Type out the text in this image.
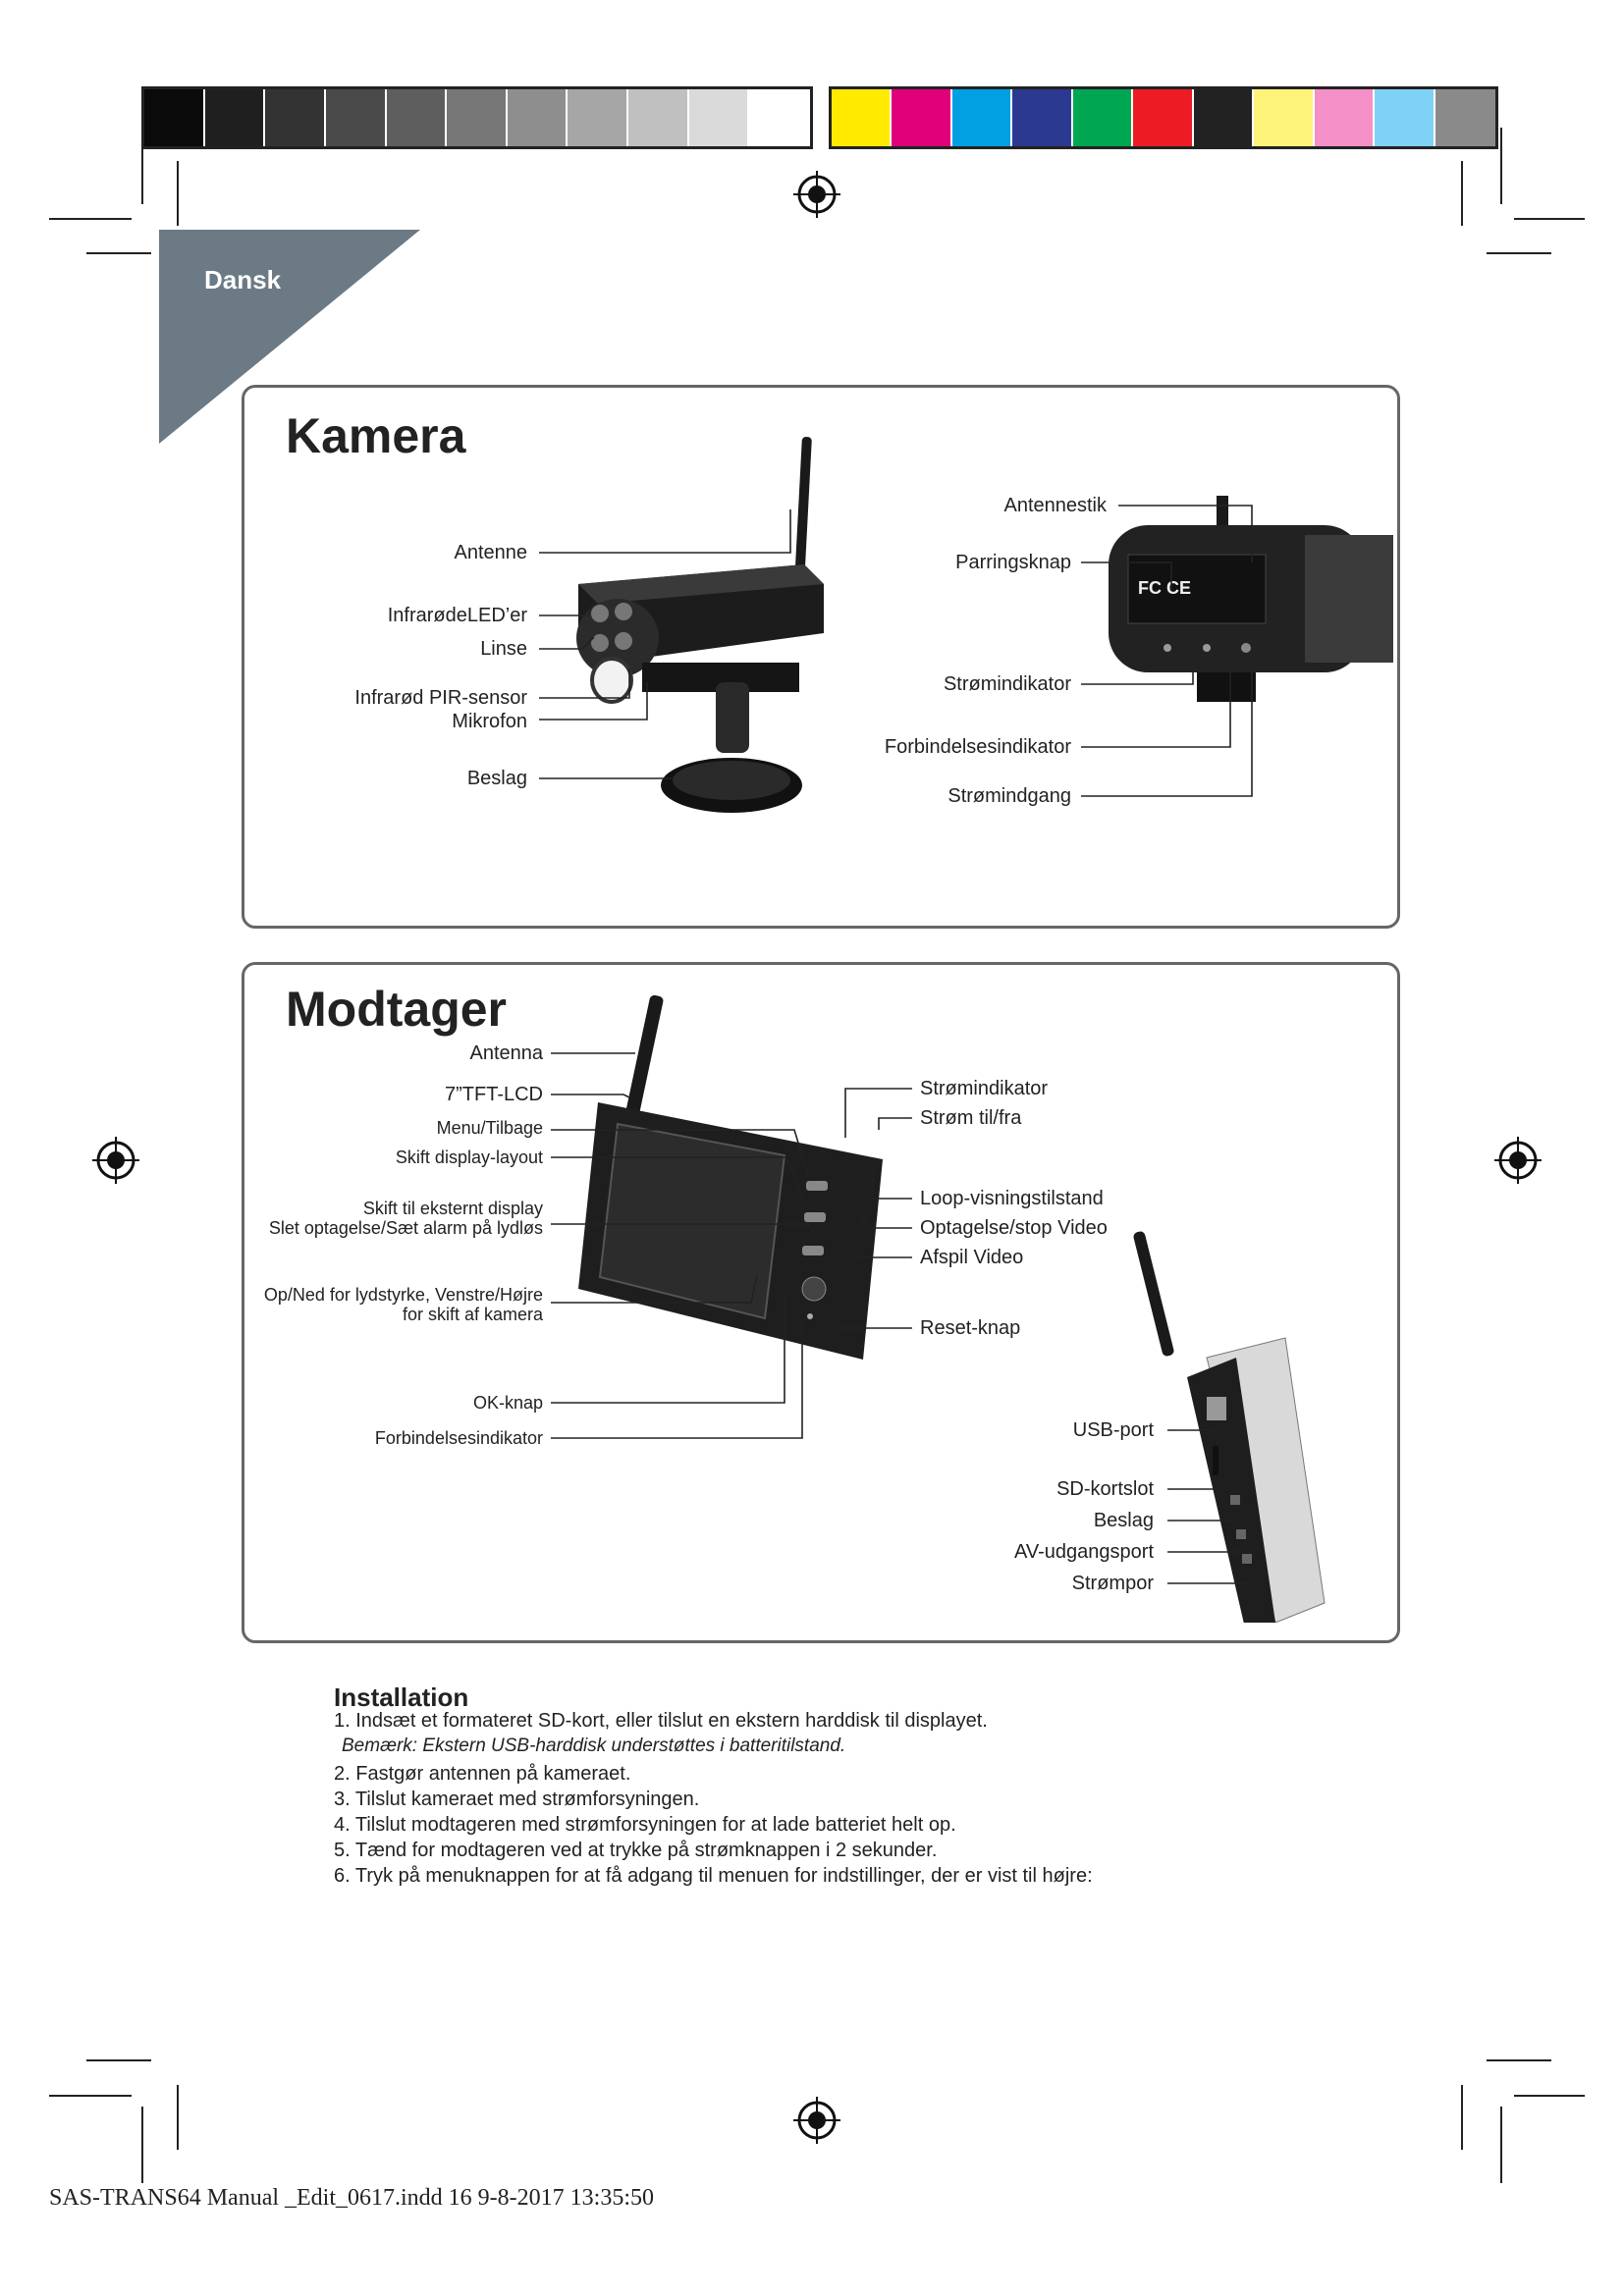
Dansk
Kamera
FC CE
Antenne
InfrarødeLED’er
Linse
Infrarød PIR-sensor
Mikrofon
Beslag
Antennestik
Parringsknap
Strømindikator
Forbindelsesindikator
Strømindgang
Modtager
Antenna
7”TFT-LCD
Menu/Tilbage
Skift display-layout
Skift til eksternt display
Slet optagelse/Sæt alarm på lydløs
Op/Ned for lydstyrke, Venstre/Højre
for skift af kamera
OK-knap
Forbindelsesindikator
Strømindikator
Strøm til/fra
Loop-visningstilstand
Optagelse/stop Video
Afspil Video
Reset-knap
USB-port
SD-kortslot
Beslag
AV-udgangsport
Strømpor
Installation
1. Indsæt et formateret SD-kort, eller tilslut en ekstern harddisk til displayet.
Bemærk: Ekstern USB-harddisk understøttes i batteritilstand.
2. Fastgør antennen på kameraet.
3. Tilslut kameraet med strømforsyningen.
4. Tilslut modtageren med strømforsyningen for at lade batteriet helt op.
5. Tænd for modtageren ved at trykke på strømknappen i 2 sekunder.
6. Tryk på menuknappen for at få adgang til menuen for indstillinger, der er vist til højre:
SAS-TRANS64 Manual _Edit_0617.indd 16 9-8-2017 13:35:50
